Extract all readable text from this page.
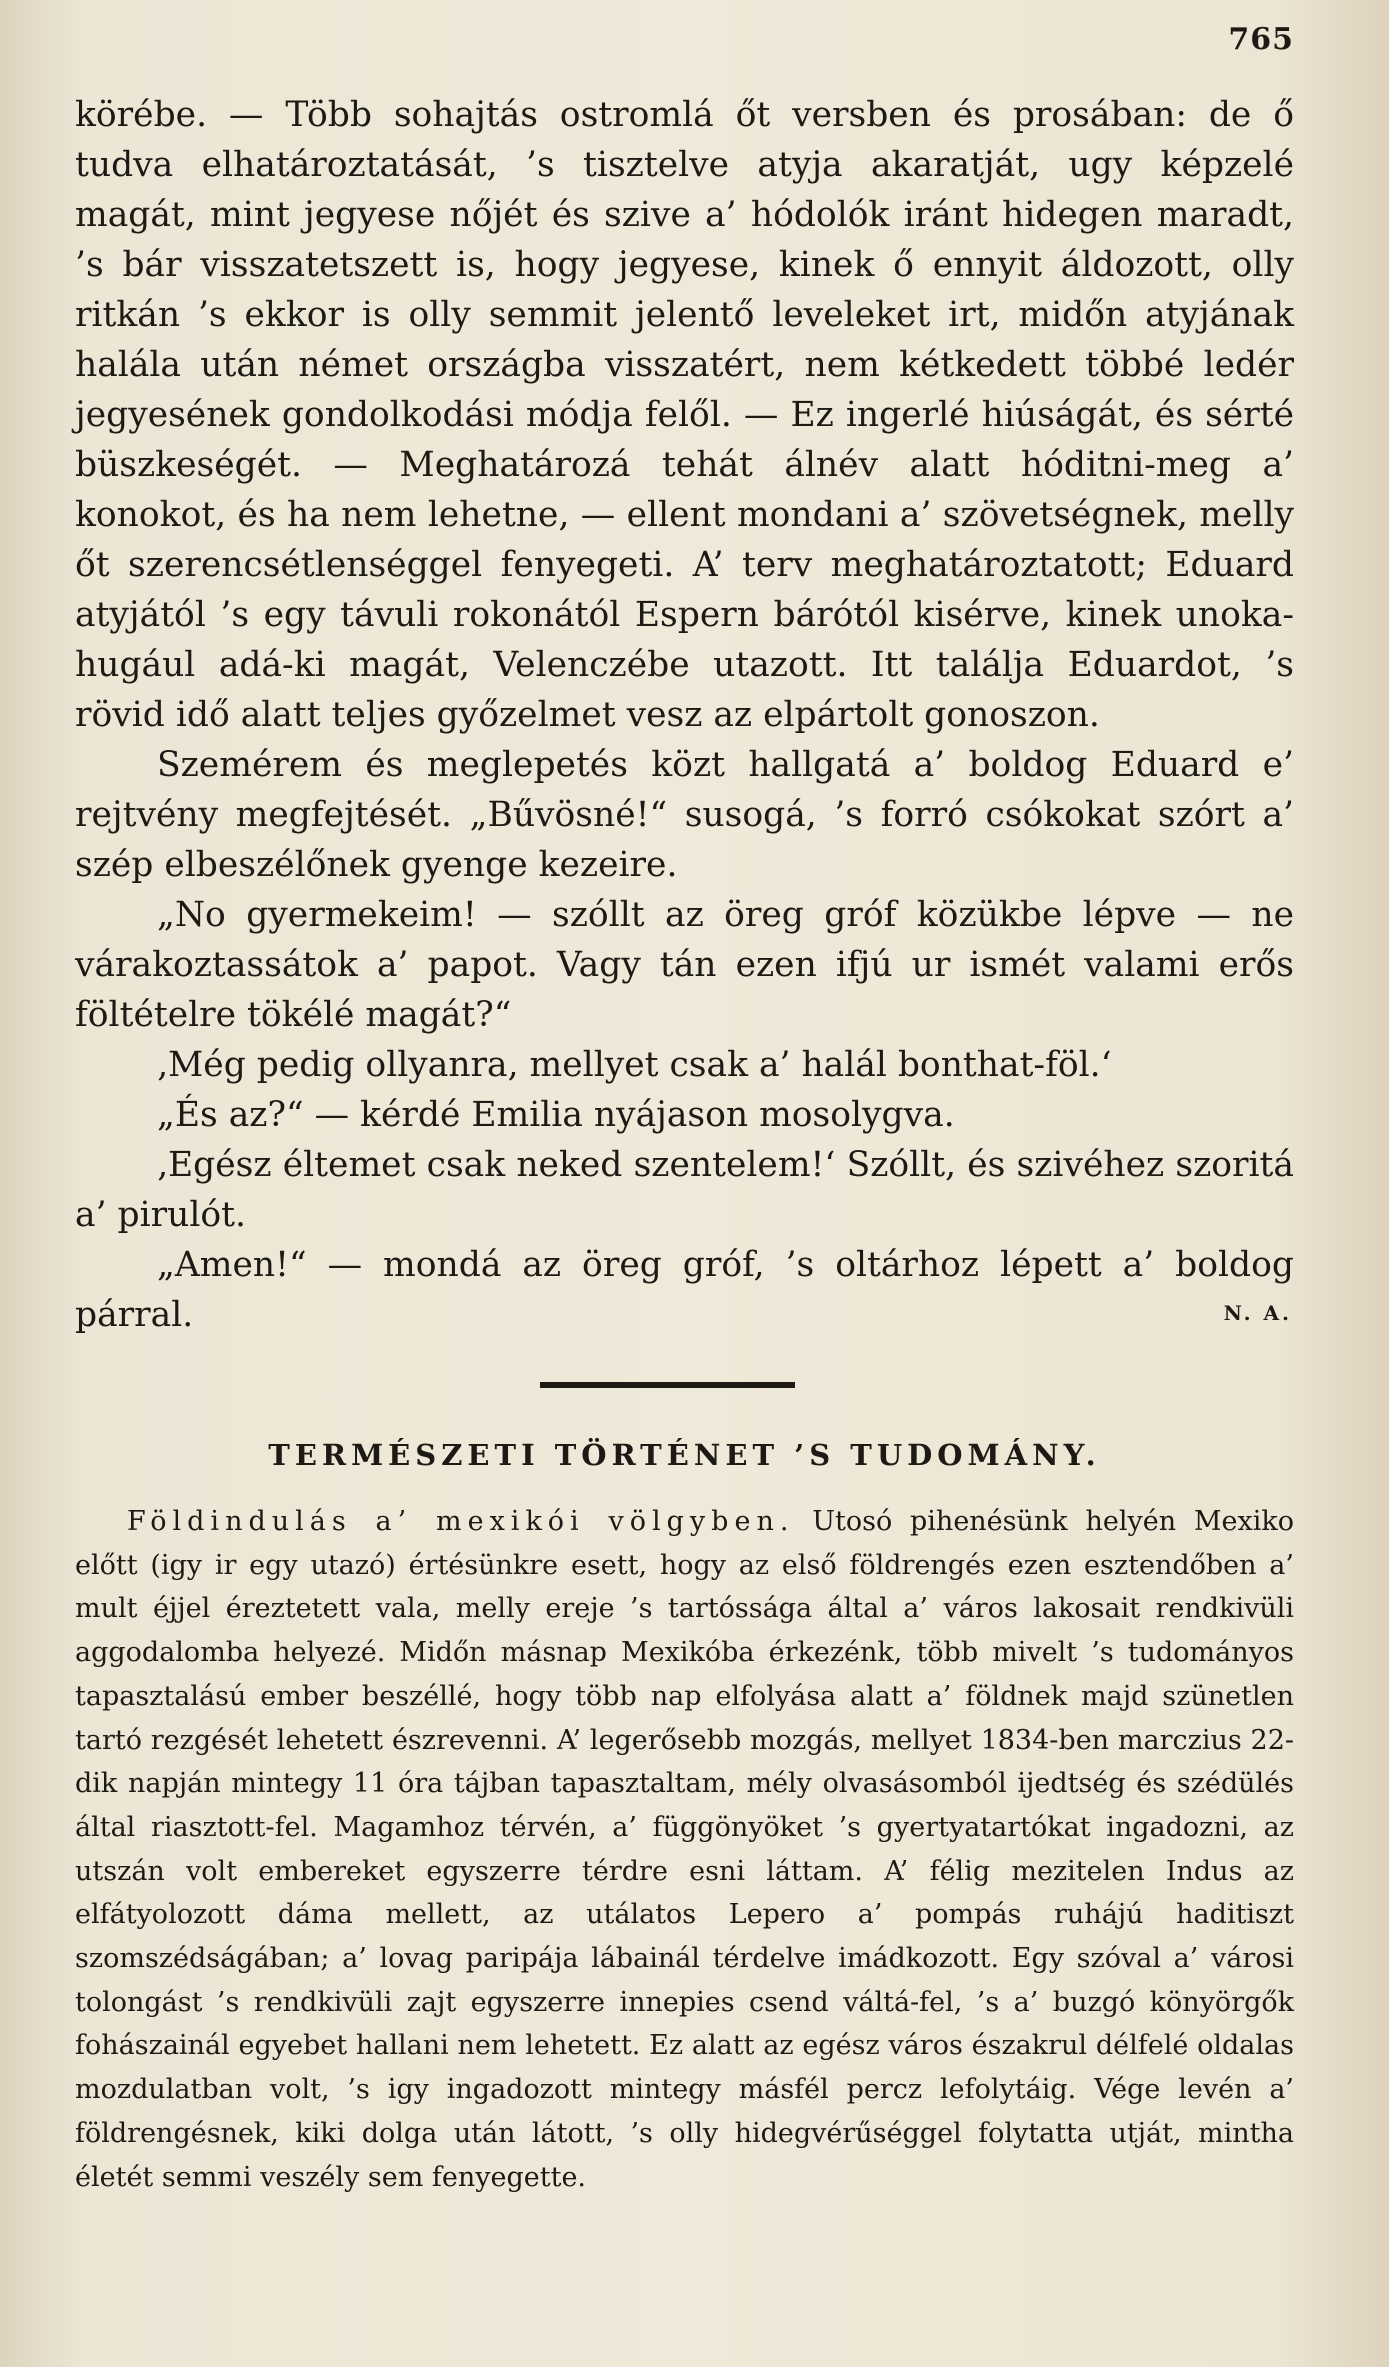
765

körébe. — Több sohajtás ostromlá őt versben és prosában: de ő tudva elhatároztatását, ’s tisztelve atyja akaratját, ugy képzelé magát, mint jegyese nőjét és szive a’ hódolók iránt hidegen maradt, ’s bár visszatetszett is, hogy jegyese, kinek ő ennyit áldozott, olly ritkán ’s ekkor is olly semmit jelentő leveleket irt, midőn atyjának halála után német országba visszatért, nem kétkedett többé ledér jegyesének gondolkodási módja felől. — Ez ingerlé hiúságát, és sérté büszkeségét. — Meghatározá tehát álnév alatt hóditni-meg a’ konokot, és ha nem lehetne, — ellent mondani a’ szövetségnek, melly őt szerencsétlenséggel fenyegeti. A’ terv meghatároztatott; Eduard atyjától ’s egy távuli rokonától Espern bárótól kisérve, kinek unoka-hugául adá-ki magát, Velenczébe utazott. Itt találja Eduardot, ’s rövid idő alatt teljes győzelmet vesz az elpártolt gonoszon.

Szemérem és meglepetés közt hallgatá a’ boldog Eduard e’ rejtvény megfejtését. „Bűvösné!“ susogá, ’s forró csókokat szórt a’ szép elbeszélőnek gyenge kezeire.

„No gyermekeim! — szóllt az öreg gróf közükbe lépve — ne várakoztassátok a’ papot. Vagy tán ezen ifjú ur ismét valami erős föltételre tökélé magát?“

‚Még pedig ollyanra, mellyet csak a’ halál bonthat-föl.‘

„És az?“ — kérdé Emilia nyájason mosolygva.

‚Egész éltemet csak neked szentelem!‘ Szóllt, és szivéhez szoritá a’ pirulót.

„Amen!“ — mondá az öreg gróf, ’s oltárhoz lépett a’ boldog párral.	N. A.
TERMÉSZETI TÖRTÉNET ’S TUDOMÁNY.

Földindulás a’ mexikói völgyben. Utosó pihenésünk helyén Mexiko előtt (igy ir egy utazó) értésünkre esett, hogy az első földrengés ezen esztendőben a’ mult éjjel éreztetett vala, melly ereje ’s tartóssága által a’ város lakosait rendkivüli aggodalomba helyezé. Midőn másnap Mexikóba érkezénk, több mivelt ’s tudományos tapasztalású ember beszéllé, hogy több nap elfolyása alatt a’ földnek majd szünetlen tartó rezgését lehetett észrevenni. A’ legerősebb mozgás, mellyet 1834-ben marczius 22-dik napján mintegy 11 óra tájban tapasztaltam, mély olvasásomból ijedtség és szédülés által riasztott-fel. Magamhoz térvén, a’ függönyöket ’s gyertyatartókat ingadozni, az utszán volt embereket egyszerre térdre esni láttam. A’ félig mezitelen Indus az elfátyolozott dáma mellett, az utálatos Lepero a’ pompás ruhájú haditiszt szomszédságában; a’ lovag paripája lábainál térdelve imádkozott. Egy szóval a’ városi tolongást ’s rendkivüli zajt egyszerre innepies csend váltá-fel, ’s a’ buzgó könyörgők fohászainál egyebet hallani nem lehetett. Ez alatt az egész város északrul délfelé oldalas mozdulatban volt, ’s igy ingadozott mintegy másfél percz lefolytáig. Vége levén a’ földrengésnek, kiki dolga után látott, ’s olly hidegvérűséggel folytatta utját, mintha életét semmi veszély sem fenyegette.
